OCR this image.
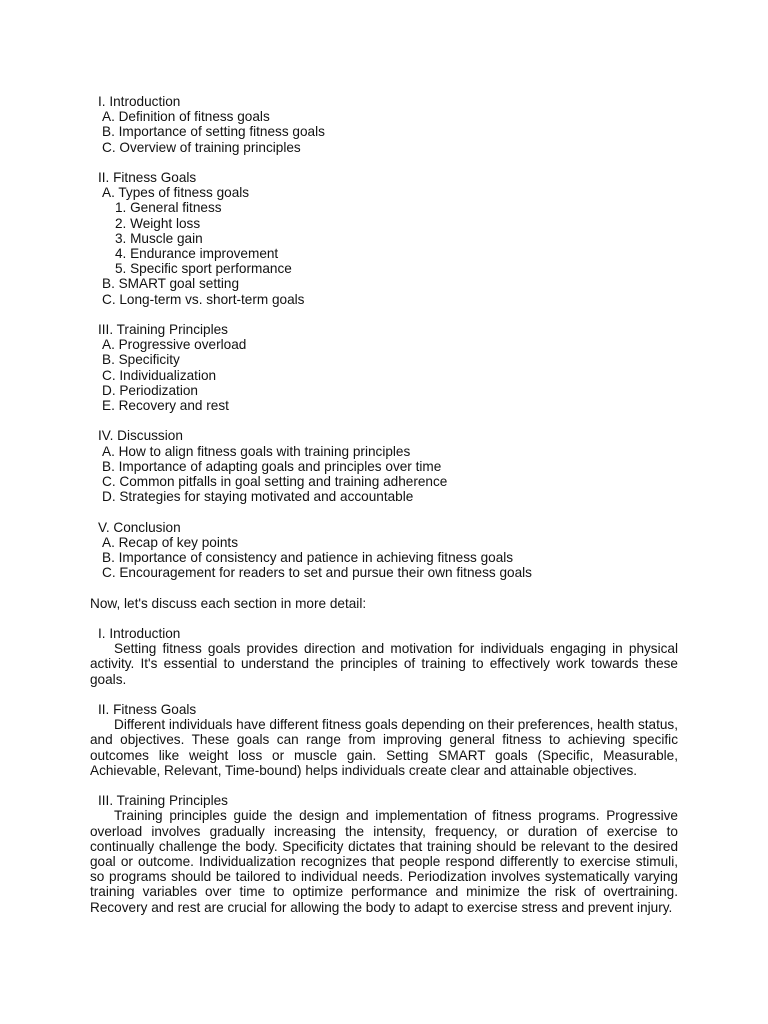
I. Introduction

A. Definition of fitness goals

B. Importance of setting fitness goals

C. Overview of training principles

II. Fitness Goals

A. Types of fitness goals

1. General fitness

2. Weight loss

3. Muscle gain

4. Endurance improvement

5. Specific sport performance

B. SMART goal setting

C. Long-term vs. short-term goals

III. Training Principles

A. Progressive overload

B. Specificity

C. Individualization

D. Periodization

E. Recovery and rest

IV. Discussion

A. How to align fitness goals with training principles

B. Importance of adapting goals and principles over time

C. Common pitfalls in goal setting and training adherence

D. Strategies for staying motivated and accountable

V. Conclusion

A. Recap of key points

B. Importance of consistency and patience in achieving fitness goals

C. Encouragement for readers to set and pursue their own fitness goals

Now, let's discuss each section in more detail:

I. Introduction

Setting fitness goals provides direction and motivation for individuals engaging in physical activity. It's essential to understand the principles of training to effectively work towards these goals.

II. Fitness Goals

Different individuals have different fitness goals depending on their preferences, health status, and objectives. These goals can range from improving general fitness to achieving specific outcomes like weight loss or muscle gain. Setting SMART goals (Specific, Measurable, Achievable, Relevant, Time-bound) helps individuals create clear and attainable objectives.

III. Training Principles

Training principles guide the design and implementation of fitness programs. Progressive overload involves gradually increasing the intensity, frequency, or duration of exercise to continually challenge the body. Specificity dictates that training should be relevant to the desired goal or outcome. Individualization recognizes that people respond differently to exercise stimuli, so programs should be tailored to individual needs. Periodization involves systematically varying training variables over time to optimize performance and minimize the risk of overtraining. Recovery and rest are crucial for allowing the body to adapt to exercise stress and prevent injury.
